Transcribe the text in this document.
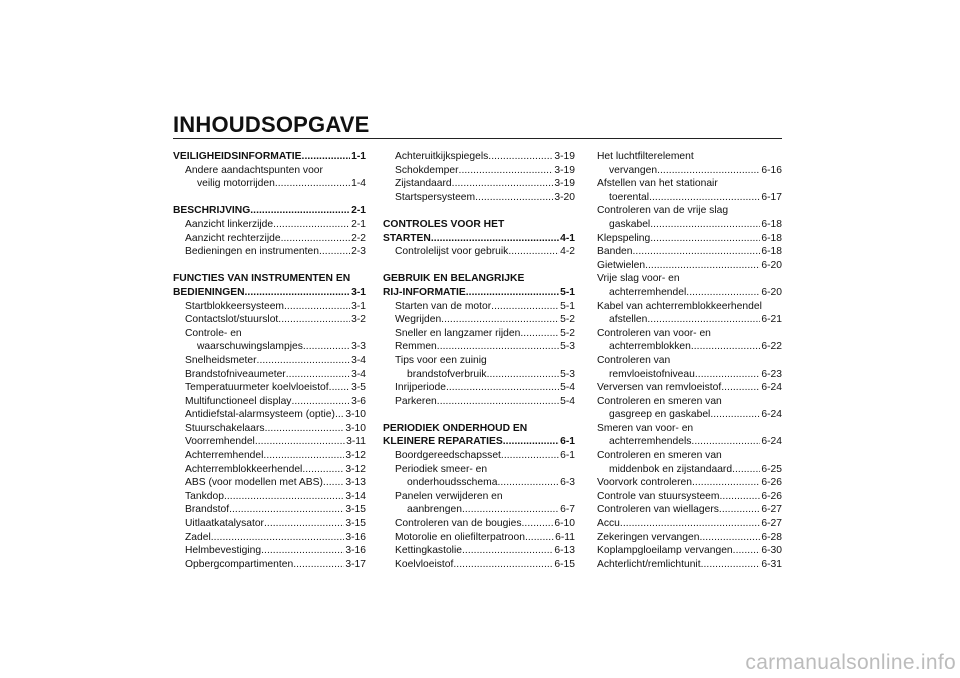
INHOUDSOPGAVE
VEILIGHEIDSINFORMATIE . . .	1-1
Andere aandachtspunten voor
veilig motorrijden . . .	1-4
BESCHRIJVING . . .	2-1
Aanzicht linkerzijde . . .	2-1
Aanzicht rechterzijde . . .	2-2
Bedieningen en instrumenten . . .	2-3
FUNCTIES VAN INSTRUMENTEN EN
BEDIENINGEN . . .	3-1
Startblokkeersysteem . . .	3-1
Contactslot/stuurslot . . .	3-2
Controle- en
waarschuwingslampjes . . .	3-3
Snelheidsmeter . . .	3-4
Brandstofniveaumeter . . .	3-4
Temperatuurmeter koelvloeistof . . . 3-5
Multifunctioneel display . . .	3-6
Antidiefstal-alarmsysteem (optie) . . . 3-10
Stuurschakelaars . . .	3-10
Voorremhendel . . .	3-11
Achterremhendel . . .	3-12
Achterremblokkeerhendel . . .	3-12
ABS (voor modellen met ABS) . . . 3-13
Tankdop . . .	3-14
Brandstof . . .	3-15
Uitlaatkatalysator . . .	3-15
Zadel . . .	3-16
Helmbevestiging . . .	3-16
Opbergcompartimenten . . .	3-17
Achteruitkijkspiegels . . .	3-19
Schokdemper . . .	3-19
Zijstandaard . . .	3-19
Startspersysteem . . .	3-20
CONTROLES VOOR HET
STARTEN . . .	4-1
Controlelijst voor gebruik . . .	4-2
GEBRUIK EN BELANGRIJKE
RIJ-INFORMATIE . . .	5-1
Starten van de motor . . .	5-1
Wegrijden . . .	5-2
Sneller en langzamer rijden . . .	5-2
Remmen . . .	5-3
Tips voor een zuinig
brandstofverbruik . . .	5-3
Inrijperiode . . .	5-4
Parkeren . . .	5-4
PERIODIEK ONDERHOUD EN
KLEINERE REPARATIES . . .	6-1
Boordgereedschapsset . . .	6-1
Periodiek smeer- en
onderhoudsschema . . .	6-3
Panelen verwijderen en
aanbrengen . . .	6-7
Controleren van de bougies . . .	6-10
Motorolie en oliefilterpatroon . . .	6-11
Kettingkastolie . . .	6-13
Koelvloeistof . . .	6-15
Het luchtfilterelement
vervangen . . .	6-16
Afstellen van het stationair
toerental . . .	6-17
Controleren van de vrije slag
gaskabel . . .	6-18
Klepspeling . . .	6-18
Banden . . .	6-18
Gietwielen . . .	6-20
Vrije slag voor- en
achterremhendel . . .	6-20
Kabel van achterremblokkeerhendel
afstellen . . .	6-21
Controleren van voor- en
achterremblokken . . .	6-22
Controleren van
remvloeistofniveau . . .	6-23
Verversen van remvloeistof . . .	6-24
Controleren en smeren van
gasgreep en gaskabel . . .	6-24
Smeren van voor- en
achterremhendels . . .	6-24
Controleren en smeren van
middenbok en zijstandaard . . .	6-25
Voorvork controleren . . .	6-26
Controle van stuursysteem . . .	6-26
Controleren van wiellagers . . .	6-27
Accu . . .	6-27
Zekeringen vervangen . . .	6-28
Koplampgloeilamp vervangen . . .	6-30
Achterlicht/remlichtunit . . .	6-31
carmanualsonline.info
